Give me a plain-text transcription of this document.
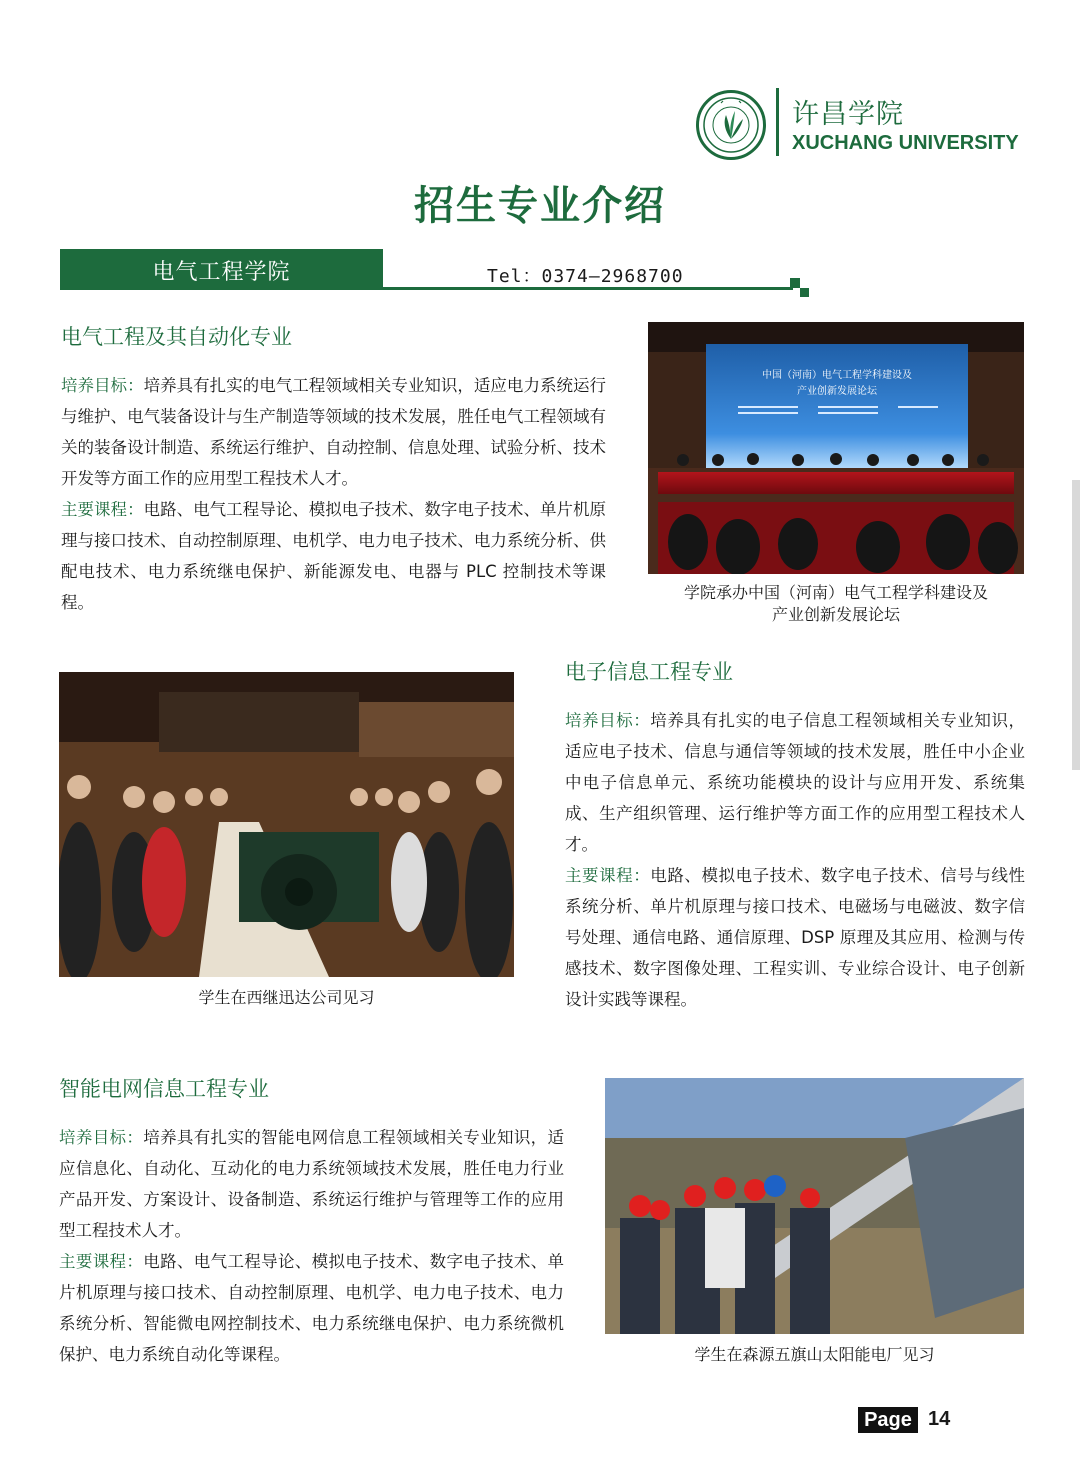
许昌学院
XUCHANG UNIVERSITY
招生专业介绍
电气工程学院	Tel：0374—2968700
电气工程及其自动化专业
培养目标：培养具有扎实的电气工程领域相关专业知识，适应电力系统运行与维护、电气装备设计与生产制造等领域的技术发展，胜任电气工程领域有关的装备设计制造、系统运行维护、自动控制、信息处理、试验分析、技术开发等方面工作的应用型工程技术人才。
主要课程：电路、电气工程导论、模拟电子技术、数字电子技术、单片机原理与接口技术、自动控制原理、电机学、电力电子技术、电力系统分析、供配电技术、电力系统继电保护、新能源发电、电器与 PLC 控制技术等课程。
中国（河南）电气工程学科建设及
产业创新发展论坛
学院承办中国（河南）电气工程学科建设及
产业创新发展论坛
学生在西继迅达公司见习
电子信息工程专业
培养目标：培养具有扎实的电子信息工程领域相关专业知识，适应电子技术、信息与通信等领域的技术发展，胜任中小企业中电子信息单元、系统功能模块的设计与应用开发、系统集成、生产组织管理、运行维护等方面工作的应用型工程技术人才。
主要课程：电路、模拟电子技术、数字电子技术、信号与线性系统分析、单片机原理与接口技术、电磁场与电磁波、数字信号处理、通信电路、通信原理、DSP 原理及其应用、检测与传感技术、数字图像处理、工程实训、专业综合设计、电子创新设计实践等课程。
智能电网信息工程专业
培养目标：培养具有扎实的智能电网信息工程领域相关专业知识，适应信息化、自动化、互动化的电力系统领域技术发展，胜任电力行业产品开发、方案设计、设备制造、系统运行维护与管理等工作的应用型工程技术人才。
主要课程：电路、电气工程导论、模拟电子技术、数字电子技术、单片机原理与接口技术、自动控制原理、电机学、电力电子技术、电力系统分析、智能微电网控制技术、电力系统继电保护、电力系统微机保护、电力系统自动化等课程。	学生在森源五旗山太阳能电厂见习
Page 14
